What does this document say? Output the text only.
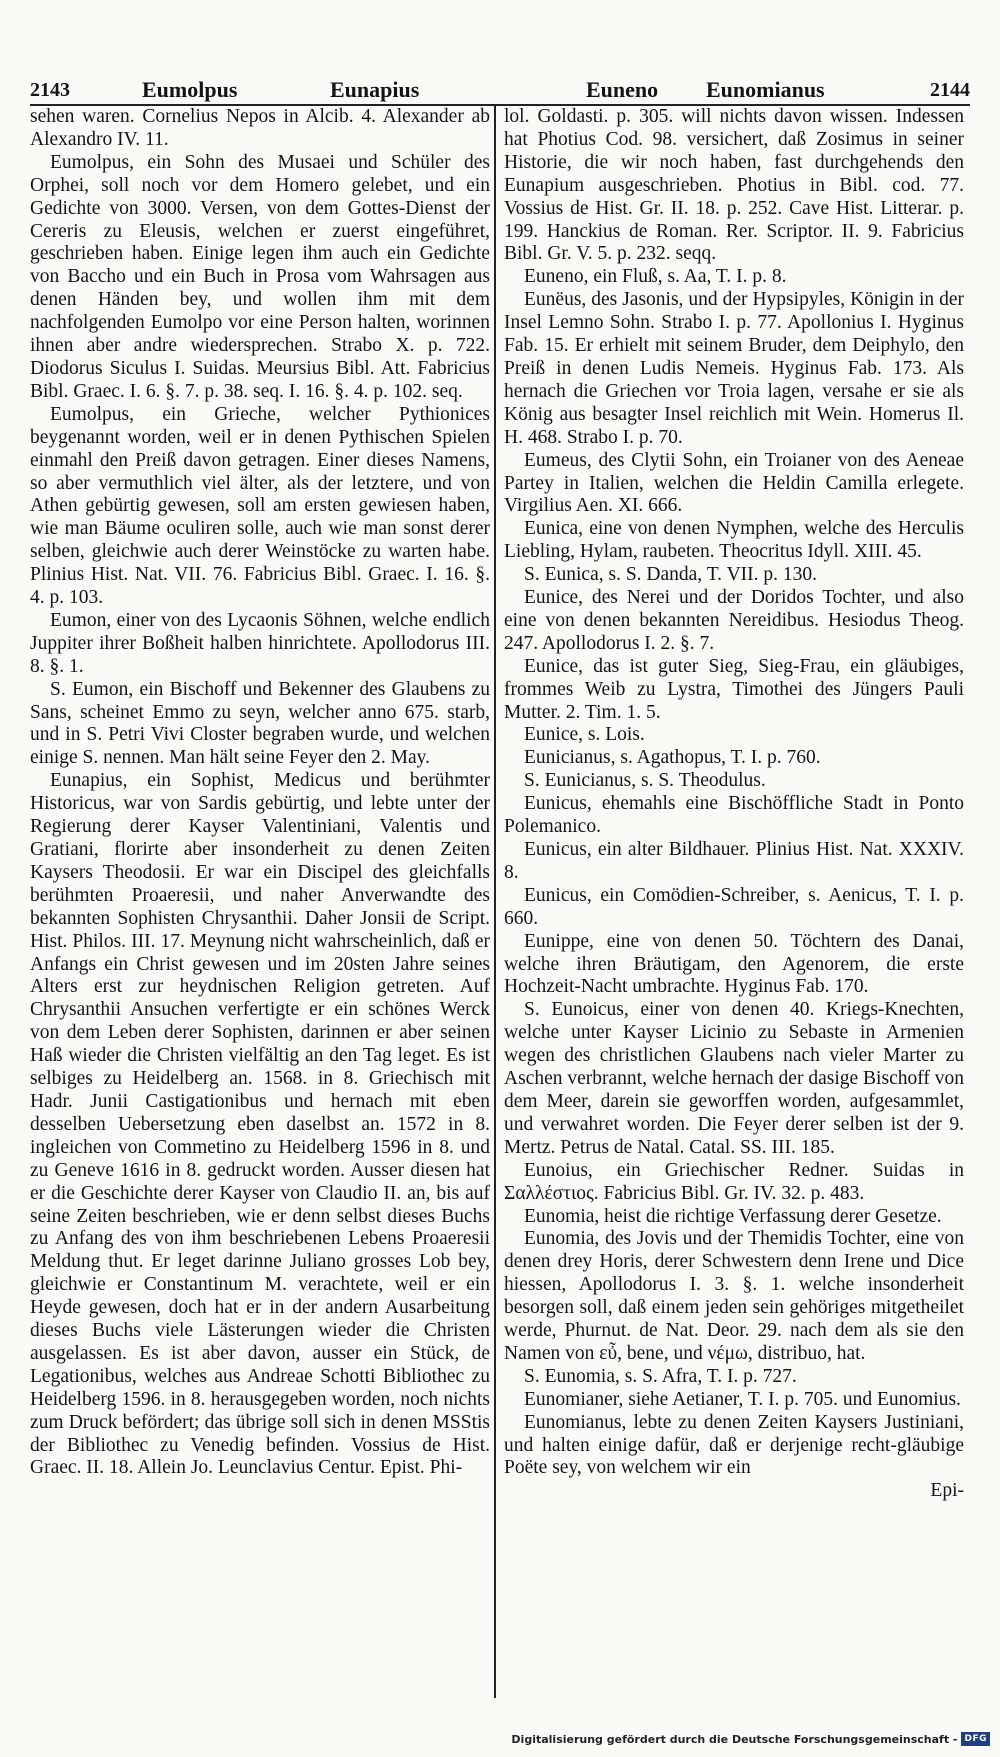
2143	Eumolpus	Eunapius	Euneno Eunomianus	2144

sehen waren. Cornelius Nepos in Alcib. 4. Alexander ab Alexandro IV. 11.

Eumolpus, ein Sohn des Musaei und Schüler des Orphei, soll noch vor dem Homero gelebet, und ein Gedichte von 3000. Versen, von dem Gottes-Dienst der Cereris zu Eleusis, welchen er zuerst eingeführet, geschrieben haben. Einige legen ihm auch ein Gedichte von Baccho und ein Buch in Prosa vom Wahrsagen aus denen Händen bey, und wollen ihm mit dem nachfolgenden Eumolpo vor eine Person halten, worinnen ihnen aber andre wiedersprechen. Strabo X. p. 722. Diodorus Siculus I. Suidas. Meursius Bibl. Att. Fabricius Bibl. Graec. I. 6. §. 7. p. 38. seq. I. 16. §. 4. p. 102. seq.

Eumolpus, ein Grieche, welcher Pythionices beygenannt worden, weil er in denen Pythischen Spielen einmahl den Preiß davon getragen. Einer dieses Namens, so aber vermuthlich viel älter, als der letztere, und von Athen gebürtig gewesen, soll am ersten gewiesen haben, wie man Bäume oculiren solle, auch wie man sonst derer selben, gleichwie auch derer Weinstöcke zu warten habe. Plinius Hist. Nat. VII. 76. Fabricius Bibl. Graec. I. 16. §. 4. p. 103.

Eumon, einer von des Lycaonis Söhnen, welche endlich Juppiter ihrer Boßheit halben hinrichtete. Apollodorus III. 8. §. 1.

S. Eumon, ein Bischoff und Bekenner des Glaubens zu Sans, scheinet Emmo zu seyn, welcher anno 675. starb, und in S. Petri Vivi Closter begraben wurde, und welchen einige S. nennen. Man hält seine Feyer den 2. May.

Eunapius, ein Sophist, Medicus und berühmter Historicus, war von Sardis gebürtig, und lebte unter der Regierung derer Kayser Valentiniani, Valentis und Gratiani, florirte aber insonderheit zu denen Zeiten Kaysers Theodosii. Er war ein Discipel des gleichfalls berühmten Proaeresii, und naher Anverwandte des bekannten Sophisten Chrysanthii. Daher Jonsii de Script. Hist. Philos. III. 17. Meynung nicht wahrscheinlich, daß er Anfangs ein Christ gewesen und im 20sten Jahre seines Alters erst zur heydnischen Religion getreten. Auf Chrysanthii Ansuchen verfertigte er ein schönes Werck von dem Leben derer Sophisten, darinnen er aber seinen Haß wieder die Christen vielfältig an den Tag leget. Es ist selbiges zu Heidelberg an. 1568. in 8. Griechisch mit Hadr. Junii Castigationibus und hernach mit eben desselben Uebersetzung eben daselbst an. 1572 in 8. ingleichen von Commetino zu Heidelberg 1596 in 8. und zu Geneve 1616 in 8. gedruckt worden. Ausser diesen hat er die Geschichte derer Kayser von Claudio II. an, bis auf seine Zeiten beschrieben, wie er denn selbst dieses Buchs zu Anfang des von ihm beschriebenen Lebens Proaeresii Meldung thut. Er leget darinne Juliano grosses Lob bey, gleichwie er Constantinum M. verachtete, weil er ein Heyde gewesen, doch hat er in der andern Ausarbeitung dieses Buchs viele Lästerungen wieder die Christen ausgelassen. Es ist aber davon, ausser ein Stück, de Legationibus, welches aus Andreae Schotti Bibliothec zu Heidelberg 1596. in 8. herausgegeben worden, noch nichts zum Druck befördert; das übrige soll sich in denen MSStis der Bibliothec zu Venedig befinden. Vossius de Hist. Graec. II. 18. Allein Jo. Leunclavius Centur. Epist. Phi-

lol. Goldasti. p. 305. will nichts davon wissen. Indessen hat Photius Cod. 98. versichert, daß Zosimus in seiner Historie, die wir noch haben, fast durchgehends den Eunapium ausgeschrieben. Photius in Bibl. cod. 77. Vossius de Hist. Gr. II. 18. p. 252. Cave Hist. Litterar. p. 199. Hanckius de Roman. Rer. Scriptor. II. 9. Fabricius Bibl. Gr. V. 5. p. 232. seqq.

Euneno, ein Fluß, s. Aa, T. I. p. 8.

Eunëus, des Jasonis, und der Hypsipyles, Königin in der Insel Lemno Sohn. Strabo I. p. 77. Apollonius I. Hyginus Fab. 15. Er erhielt mit seinem Bruder, dem Deiphylo, den Preiß in denen Ludis Nemeis. Hyginus Fab. 173. Als hernach die Griechen vor Troia lagen, versahe er sie als König aus besagter Insel reichlich mit Wein. Homerus Il. H. 468. Strabo I. p. 70.

Eumeus, des Clytii Sohn, ein Troianer von des Aeneae Partey in Italien, welchen die Heldin Camilla erlegete. Virgilius Aen. XI. 666.

Eunica, eine von denen Nymphen, welche des Herculis Liebling, Hylam, raubeten. Theocritus Idyll. XIII. 45.

S. Eunica, s. S. Danda, T. VII. p. 130.

Eunice, des Nerei und der Doridos Tochter, und also eine von denen bekannten Nereidibus. Hesiodus Theog. 247. Apollodorus I. 2. §. 7.

Eunice, das ist guter Sieg, Sieg-Frau, ein gläubiges, frommes Weib zu Lystra, Timothei des Jüngers Pauli Mutter. 2. Tim. 1. 5.

Eunice, s. Lois.

Eunicianus, s. Agathopus, T. I. p. 760.

S. Eunicianus, s. S. Theodulus.

Eunicus, ehemahls eine Bischöffliche Stadt in Ponto Polemanico.

Eunicus, ein alter Bildhauer. Plinius Hist. Nat. XXXIV. 8.

Eunicus, ein Comödien-Schreiber, s. Aenicus, T. I. p. 660.

Eunippe, eine von denen 50. Töchtern des Danai, welche ihren Bräutigam, den Agenorem, die erste Hochzeit-Nacht umbrachte. Hyginus Fab. 170.

S. Eunoicus, einer von denen 40. Kriegs-Knechten, welche unter Kayser Licinio zu Sebaste in Armenien wegen des christlichen Glaubens nach vieler Marter zu Aschen verbrannt, welche hernach der dasige Bischoff von dem Meer, darein sie geworffen worden, aufgesammlet, und verwahret worden. Die Feyer derer selben ist der 9. Mertz. Petrus de Natal. Catal. SS. III. 185.

Eunoius, ein Griechischer Redner. Suidas in Σαλλέστιος. Fabricius Bibl. Gr. IV. 32. p. 483.

Eunomia, heist die richtige Verfassung derer Gesetze.

Eunomia, des Jovis und der Themidis Tochter, eine von denen drey Horis, derer Schwestern denn Irene und Dice hiessen, Apollodorus I. 3. §. 1. welche insonderheit besorgen soll, daß einem jeden sein gehöriges mitgetheilet werde, Phurnut. de Nat. Deor. 29. nach dem als sie den Namen von εὖ, bene, und νέμω, distribuo, hat.

S. Eunomia, s. S. Afra, T. I. p. 727.

Eunomianer, siehe Aetianer, T. I. p. 705. und Eunomius.

Eunomianus, lebte zu denen Zeiten Kaysers Justiniani, und halten einige dafür, daß er derjenige recht-gläubige Poëte sey, von welchem wir ein

Epi-

Digitalisierung gefördert durch die Deutsche Forschungsgemeinschaft - DFG
